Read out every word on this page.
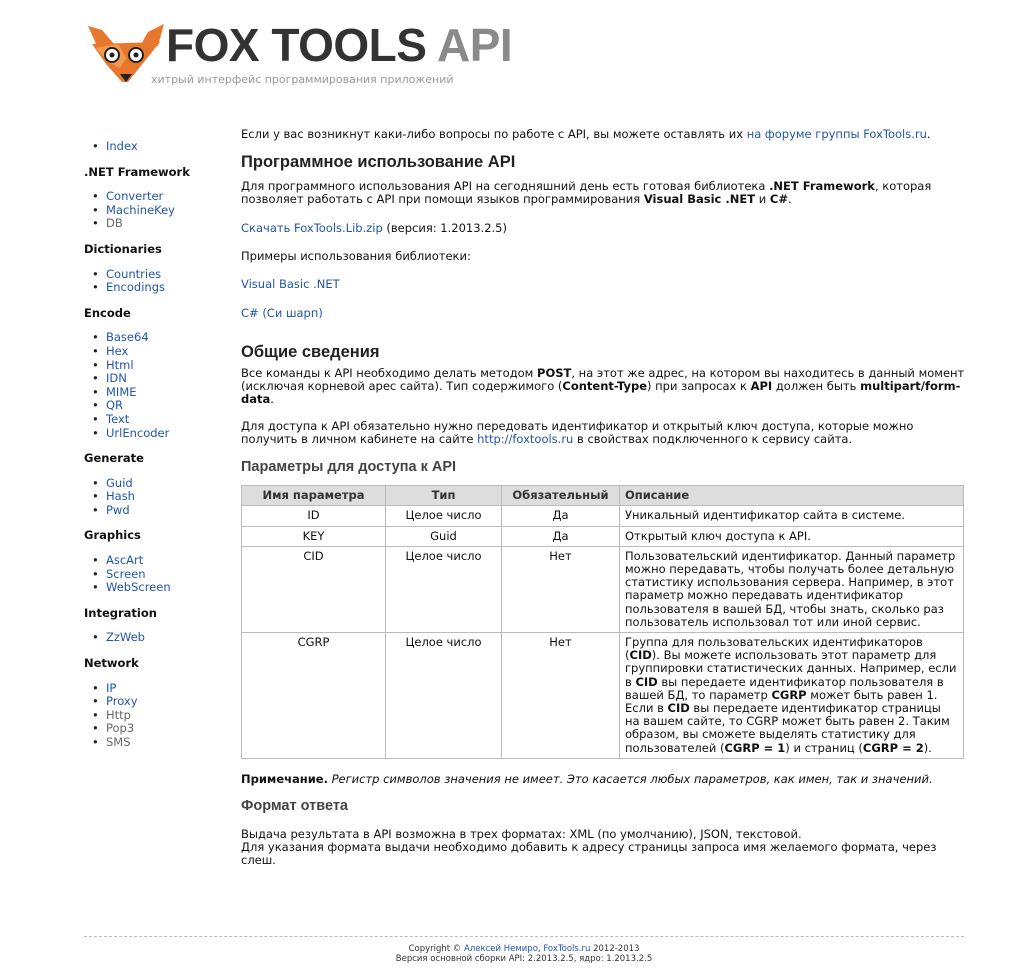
FOX TOOLS API
хитрый интерфейс программирования приложений
• Index
.NET Framework
• Converter
• MachineKey
• DB
Dictionaries
• Countries
• Encodings
Encode
• Base64
• Hex
• Html
• IDN
• MIME
• QR
• Text
• UrlEncoder
Generate
• Guid
• Hash
• Pwd
Graphics
• AscArt
• Screen
• WebScreen
Integration
• ZzWeb
Network
• IP
• Proxy
• Http
• Pop3
• SMS

Если у вас возникнут каки-либо вопросы по работе с API, вы можете оставлять их на форуме группы FoxTools.ru.

Программное использование API

Для программного использования API на сегодняшний день есть готовая библиотека .NET Framework, которая позволяет работать с API при помощи языков программирования Visual Basic .NET и C#.

Скачать FoxTools.Lib.zip (версия: 1.2013.2.5)

Примеры использования библиотеки:

Visual Basic .NET

C# (Си шарп)

Общие сведения

Все команды к API необходимо делать методом POST, на этот же адрес, на котором вы находитесь в данный момент (исключая корневой арес сайта). Тип содержимого (Content-Type) при запросах к API должен быть multipart/form-data.

Для доступа к API обязательно нужно передовать идентификатор и открытый ключ доступа, которые можно получить в личном кабинете на сайте http://foxtools.ru в свойствах подключенного к сервису сайта.

Параметры для доступа к API
Имя параметра	Тип	Обязательный	Описание
ID	Целое число	Да	Уникальный идентификатор сайта в системе.
KEY	Guid	Да	Открытый ключ доступа к API.
CID	Целое число	Нет	Пользовательский идентификатор. Данный параметр можно передавать, чтобы получать более детальную статистику использования сервера. Например, в этот параметр можно передавать идентификатор пользователя в вашей БД, чтобы знать, сколько раз пользователь использовал тот или иной сервис.
CGRP	Целое число	Нет	Группа для пользовательских идентификаторов (CID). Вы можете использовать этот параметр для группировки статистических данных. Например, если в CID вы передаете идентификатор пользователя в вашей БД, то параметр CGRP может быть равен 1. Если в CID вы передаете идентификатор страницы на вашем сайте, то CGRP может быть равен 2. Таким образом, вы сможете выделять статистику для пользователей (CGRP = 1) и страниц (CGRP = 2).

Примечание. Регистр символов значения не имеет. Это касается любых параметров, как имен, так и значений.

Формат ответа

Выдача результата в API возможна в трех форматах: XML (по умолчанию), JSON, текстовой.
Для указания формата выдачи необходимо добавить к адресу страницы запроса имя желаемого формата, через слеш.

Copyright © Алексей Немиро, FoxTools.ru 2012-2013
Версия основной сборки API: 2.2013.2.5, ядро: 1.2013.2.5
